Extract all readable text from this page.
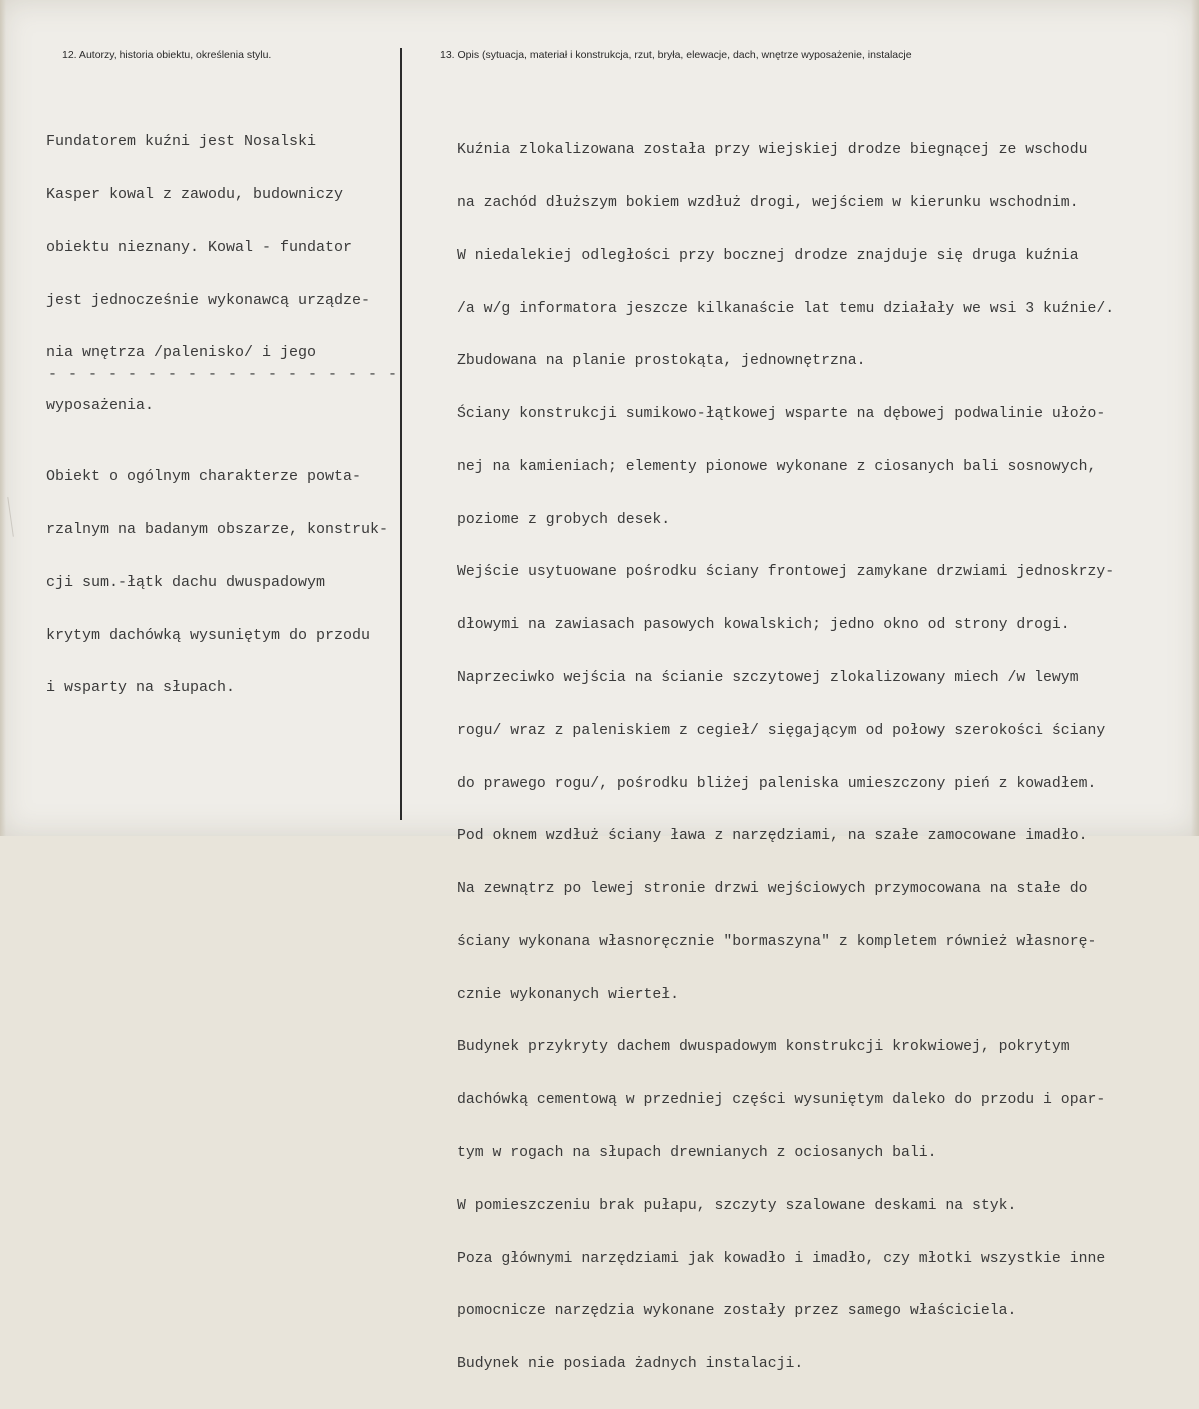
12. Autorzy, historia obiektu, określenia stylu.	13. Opis (sytuacja, materiał i konstrukcja, rzut, bryła, elewacje, dach, wnętrze wyposażenie, instalacje

Fundatorem kuźni jest Nosalski

Kasper kowal z zawodu, budowniczy

obiektu nieznany. Kowal - fundator

jest jednocześnie wykonawcą urządze-

nia wnętrza /palenisko/ i jego

wyposażenia.

- - - - - - - - - - - - - - - - - -

Obiekt o ogólnym charakterze powta-

rzalnym na badanym obszarze, konstruk-

cji sum.-łątk dachu dwuspadowym

krytym dachówką wysuniętym do przodu

i wsparty na słupach.

Kuźnia zlokalizowana została przy wiejskiej drodze biegnącej ze wschodu

na zachód dłuższym bokiem wzdłuż drogi, wejściem w kierunku wschodnim.

W niedalekiej odległości przy bocznej drodze znajduje się druga kuźnia

/a w/g informatora jeszcze kilkanaście lat temu działały we wsi 3 kuźnie/.

Zbudowana na planie prostokąta, jednownętrzna.

Ściany konstrukcji sumikowo-łątkowej wsparte na dębowej podwalinie ułożo-

nej na kamieniach; elementy pionowe wykonane z ciosanych bali sosnowych,

poziome z grobych desek.

Wejście usytuowane pośrodku ściany frontowej zamykane drzwiami jednoskrzy-

dłowymi na zawiasach pasowych kowalskich; jedno okno od strony drogi.

Naprzeciwko wejścia na ścianie szczytowej zlokalizowany miech /w lewym

rogu/ wraz z paleniskiem z cegieł/ sięgającym od połowy szerokości ściany

do prawego rogu/, pośrodku bliżej paleniska umieszczony pień z kowadłem.

Pod oknem wzdłuż ściany ława z narzędziami, na szałe zamocowane imadło.

Na zewnątrz po lewej stronie drzwi wejściowych przymocowana na stałe do

ściany wykonana własnoręcznie "bormaszyna" z kompletem również własnorę-

cznie wykonanych wierteł.

Budynek przykryty dachem dwuspadowym konstrukcji krokwiowej, pokrytym

dachówką cementową w przedniej części wysuniętym daleko do przodu i opar-

tym w rogach na słupach drewnianych z ociosanych bali.

W pomieszczeniu brak pułapu, szczyty szalowane deskami na styk.

Poza głównymi narzędziami jak kowadło i imadło, czy młotki wszystkie inne

pomocnicze narzędzia wykonane zostały przez samego właściciela.

Budynek nie posiada żadnych instalacji.
